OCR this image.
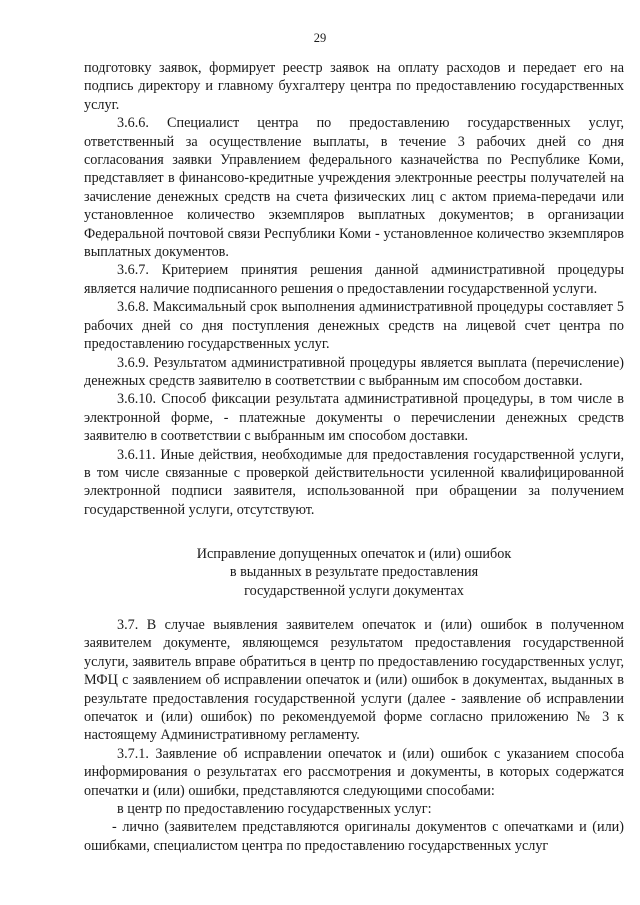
29

подготовку заявок, формирует реестр заявок на оплату расходов и передает его на подпись директору и главному бухгалтеру центра по предоставлению государственных услуг.

3.6.6. Специалист центра по предоставлению государственных услуг, ответственный за осуществление выплаты, в течение 3 рабочих дней со дня согласования заявки Управлением федерального казначейства по Республике Коми, представляет в финансово-кредитные учреждения электронные реестры получателей на зачисление денежных средств на счета физических лиц с актом приема-передачи или установленное количество экземпляров выплатных документов; в организации Федеральной почтовой связи Республики Коми - установленное количество экземпляров выплатных документов.

3.6.7. Критерием принятия решения данной административной процедуры является наличие подписанного решения о предоставлении государственной услуги.

3.6.8. Максимальный срок выполнения административной процедуры составляет 5 рабочих дней со дня поступления денежных средств на лицевой счет центра по предоставлению государственных услуг.

3.6.9. Результатом административной процедуры является выплата (перечисление) денежных средств заявителю в соответствии с выбранным им способом доставки.

3.6.10. Способ фиксации результата административной процедуры, в том числе в электронной форме, - платежные документы о перечислении денежных средств заявителю в соответствии с выбранным им способом доставки.

3.6.11. Иные действия, необходимые для предоставления государственной услуги, в том числе связанные с проверкой действительности усиленной квалифицированной электронной подписи заявителя, использованной при обращении за получением государственной услуги, отсутствуют.

Исправление допущенных опечаток и (или) ошибок
в выданных в результате предоставления
государственной услуги документах

3.7. В случае выявления заявителем опечаток и (или) ошибок в полученном заявителем документе, являющемся результатом предоставления государственной услуги, заявитель вправе обратиться в центр по предоставлению государственных услуг, МФЦ с заявлением об исправлении опечаток и (или) ошибок в документах, выданных в результате предоставления государственной услуги (далее - заявление об исправлении опечаток и (или) ошибок) по рекомендуемой форме согласно приложению № 3 к настоящему Административному регламенту.

3.7.1. Заявление об исправлении опечаток и (или) ошибок с указанием способа информирования о результатах его рассмотрения и документы, в которых содержатся опечатки и (или) ошибки, представляются следующими способами:

в центр по предоставлению государственных услуг:

- лично (заявителем представляются оригиналы документов с опечатками и (или) ошибками, специалистом центра по предоставлению государственных услуг
